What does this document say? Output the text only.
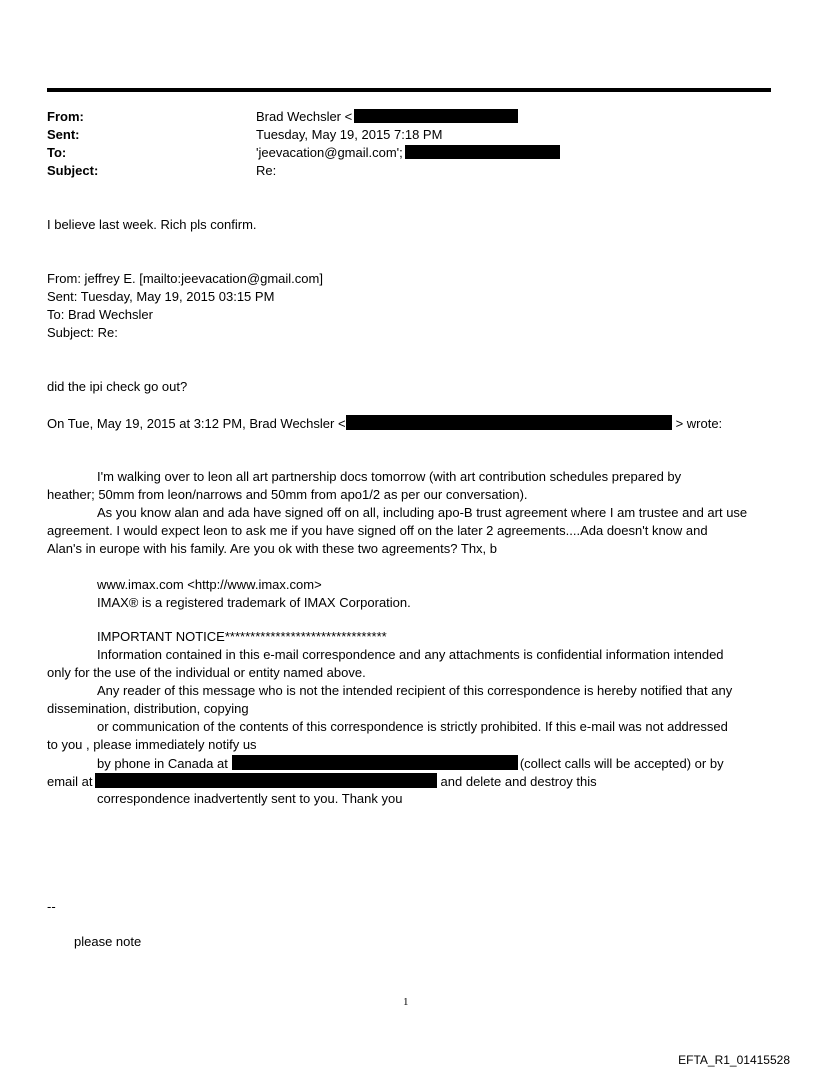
From:	Brad Wechsler <
Sent:	Tuesday, May 19, 2015 7:18 PM
To:	'jeevacation@gmail.com';
Subject:	Re:
I believe last week. Rich pls confirm.
From: jeffrey E. [mailto:jeevacation@gmail.com]
Sent: Tuesday, May 19, 2015 03:15 PM
To: Brad Wechsler
Subject: Re:
did the ipi check go out?
On Tue, May 19, 2015 at 3:12 PM, Brad Wechsler <	> wrote:
I'm walking over to leon all art partnership docs tomorrow (with art contribution schedules prepared by
heather; 50mm from leon/narrows and 50mm from apo1/2 as per our conversation).
As you know alan and ada have signed off on all, including apo-B trust agreement where I am trustee and art use
agreement. I would expect leon to ask me if you have signed off on the later 2 agreements....Ada doesn't know and
Alan's in europe with his family. Are you ok with these two agreements? Thx, b
www.imax.com <http://www.imax.com>
IMAX® is a registered trademark of IMAX Corporation.
IMPORTANT NOTICE********************************
Information contained in this e-mail correspondence and any attachments is confidential information intended
only for the use of the individual or entity named above.
Any reader of this message who is not the intended recipient of this correspondence is hereby notified that any
dissemination, distribution, copying
or communication of the contents of this correspondence is strictly prohibited. If this e-mail was not addressed
to you , please immediately notify us
by phone in Canada at	(collect calls will be accepted) or by
email at	and delete and destroy this
correspondence inadvertently sent to you. Thank you
--
please note
1
EFTA_R1_01415528
